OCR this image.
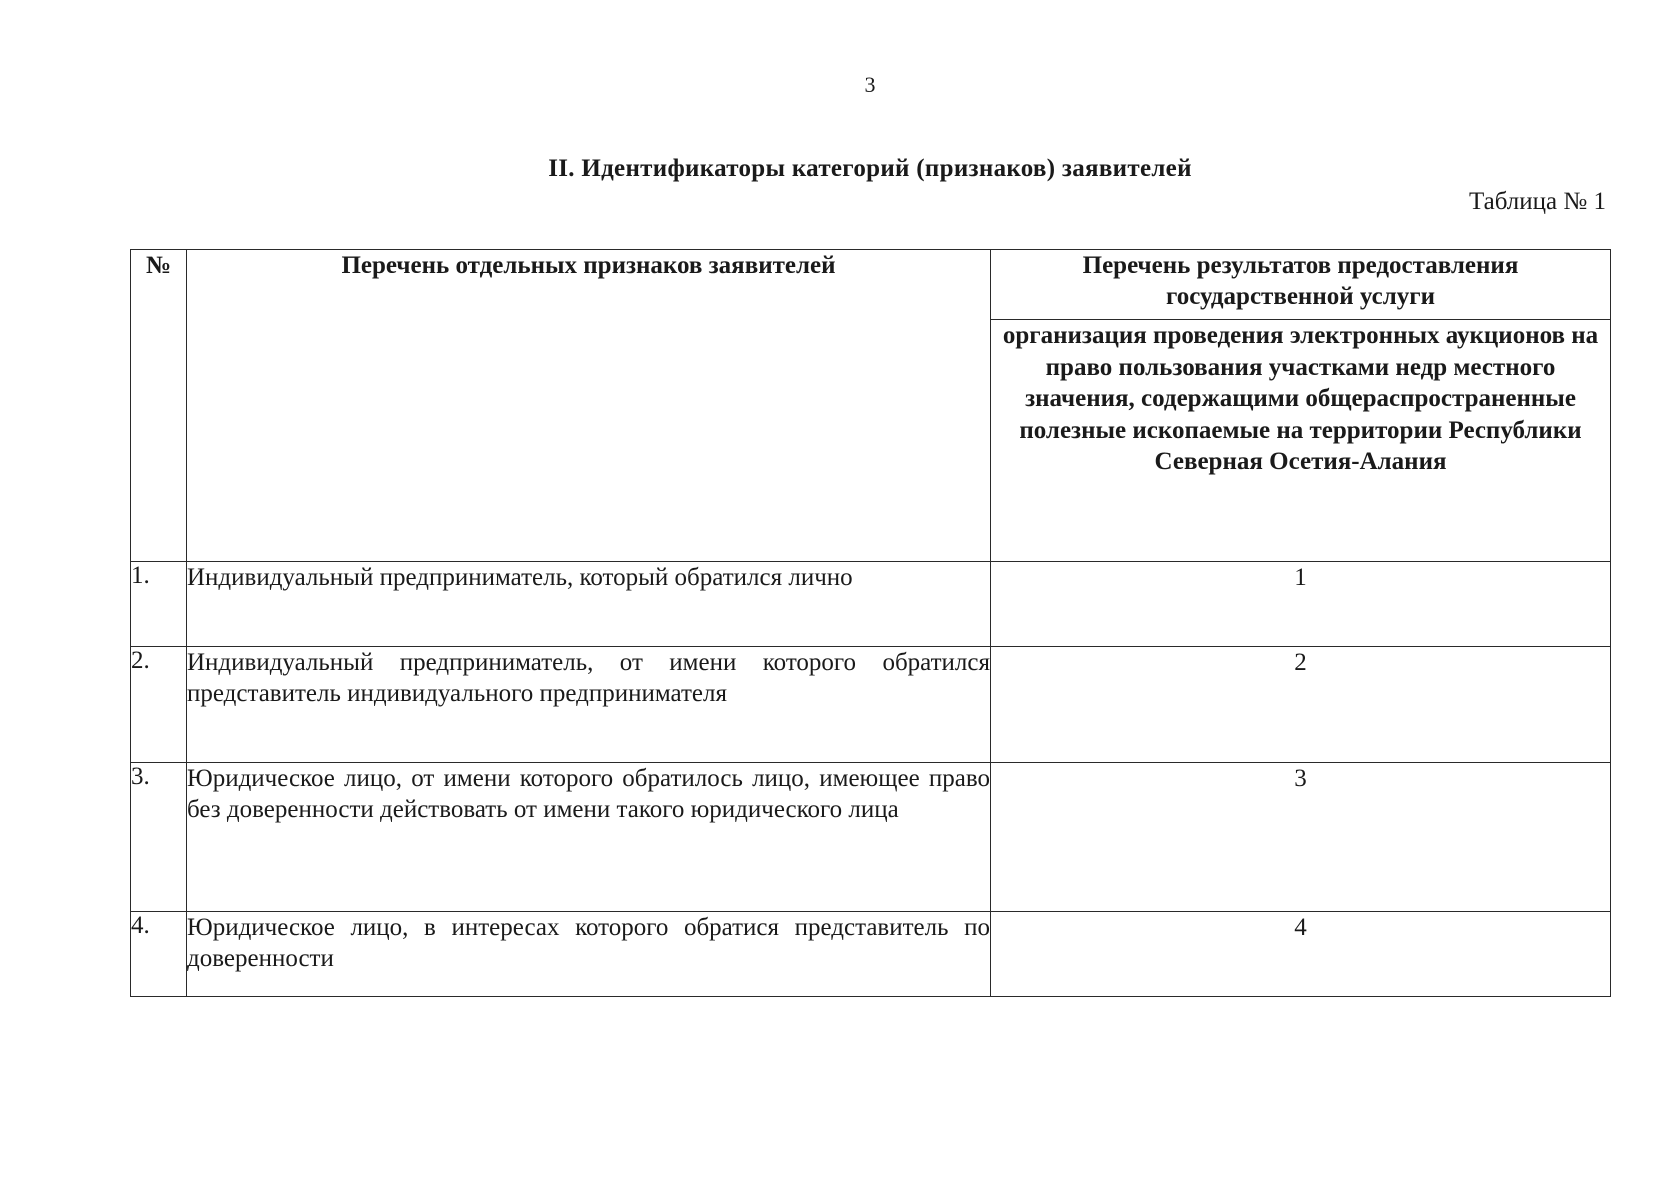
3
II. Идентификаторы категорий (признаков) заявителей
Таблица № 1
№	Перечень отдельных признаков заявителей	Перечень результатов предоставления государственной услуги
		организация проведения электронных аукционов на право пользования участками недр местного значения, содержащими общераспространенные полезные ископаемые на территории Республики Северная Осетия-Алания
1.	Индивидуальный предприниматель, который обратился лично	1
2.	Индивидуальный предприниматель, от имени которого обратился представитель индивидуального предпринимателя	2
3.	Юридическое лицо, от имени которого обратилось лицо, имеющее право без доверенности действовать от имени такого юридического лица	3
4.	Юридическое лицо, в интересах которого обратися представитель по доверенности	4
